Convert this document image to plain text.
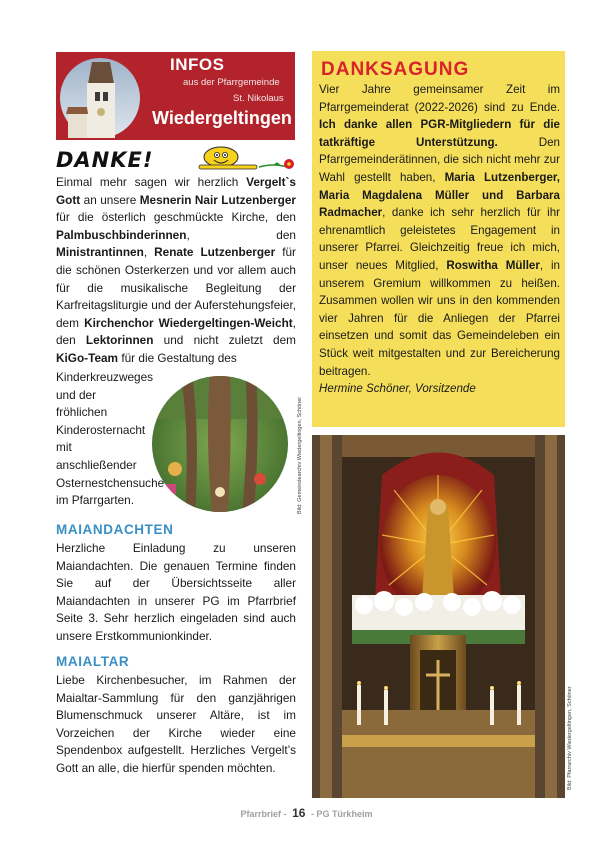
INFOS
aus der Pfarrgemeinde
St. Nikolaus
Wiedergeltingen
DANKE!

Einmal mehr sagen wir herzlich Vergelt`s Gott an unsere Mesnerin Nair Lutzenberger für die österlich geschmückte Kirche, den Palmbuschbinderinnen, den Ministrantinnen, Renate Lutzenberger für die schönen Osterkerzen und vor allem auch für die musikalische Begleitung der Karfreitagsliturgie und der Auferstehungsfeier, dem Kirchenchor Wiedergeltingen-Weicht, den Lektorinnen und nicht zuletzt dem KiGo-Team für die Gestaltung des

Kinderkreuzweges und der fröhlichen Kinderosternacht mit anschließender Osternestchensuche im Pfarrgarten.	Bild: Gemeindearchiv Wiedergeltingen, Schöner
MAIANDACHTEN

Herzliche Einladung zu unseren Maiandachten. Die genauen Termine finden Sie auf der Übersichtsseite aller Maiandachten in unserer PG im Pfarrbrief Seite 3. Sehr herzlich eingeladen sind auch unsere Erstkommunionkinder.

MAIALTAR

Liebe Kirchenbesucher, im Rahmen der Maialtar-Sammlung für den ganzjährigen Blumenschmuck unserer Altäre, ist im Vorzeichen der Kirche wieder eine Spendenbox aufgestellt. Herzliches Vergelt’s Gott an alle, die hierfür spenden möchten.

DANKSAGUNG

Vier Jahre gemeinsamer Zeit im Pfarrgemeinderat (2022-2026) sind zu Ende. Ich danke allen PGR-Mitgliedern für die tatkräftige Unterstützung. Den Pfarrgemeinderätinnen, die sich nicht mehr zur Wahl gestellt haben, Maria Lutzenberger, Maria Magdalena Müller und Barbara Radmacher, danke ich sehr herzlich für ihr ehrenamtlich geleistetes Engagement in unserer Pfarrei. Gleichzeitig freue ich mich, unser neues Mitglied, Roswitha Müller, in unserem Gremium willkommen zu heißen. Zusammen wollen wir uns in den kommenden vier Jahren für die Anliegen der Pfarrei einsetzen und somit das Gemeindeleben ein Stück weit mitgestalten und zur Bereicherung beitragen.
Hermine Schöner, Vorsitzende

Bild: Pfarrarchiv Wiedergeltingen, Schöner
Pfarrbrief - 16 - PG Türkheim
